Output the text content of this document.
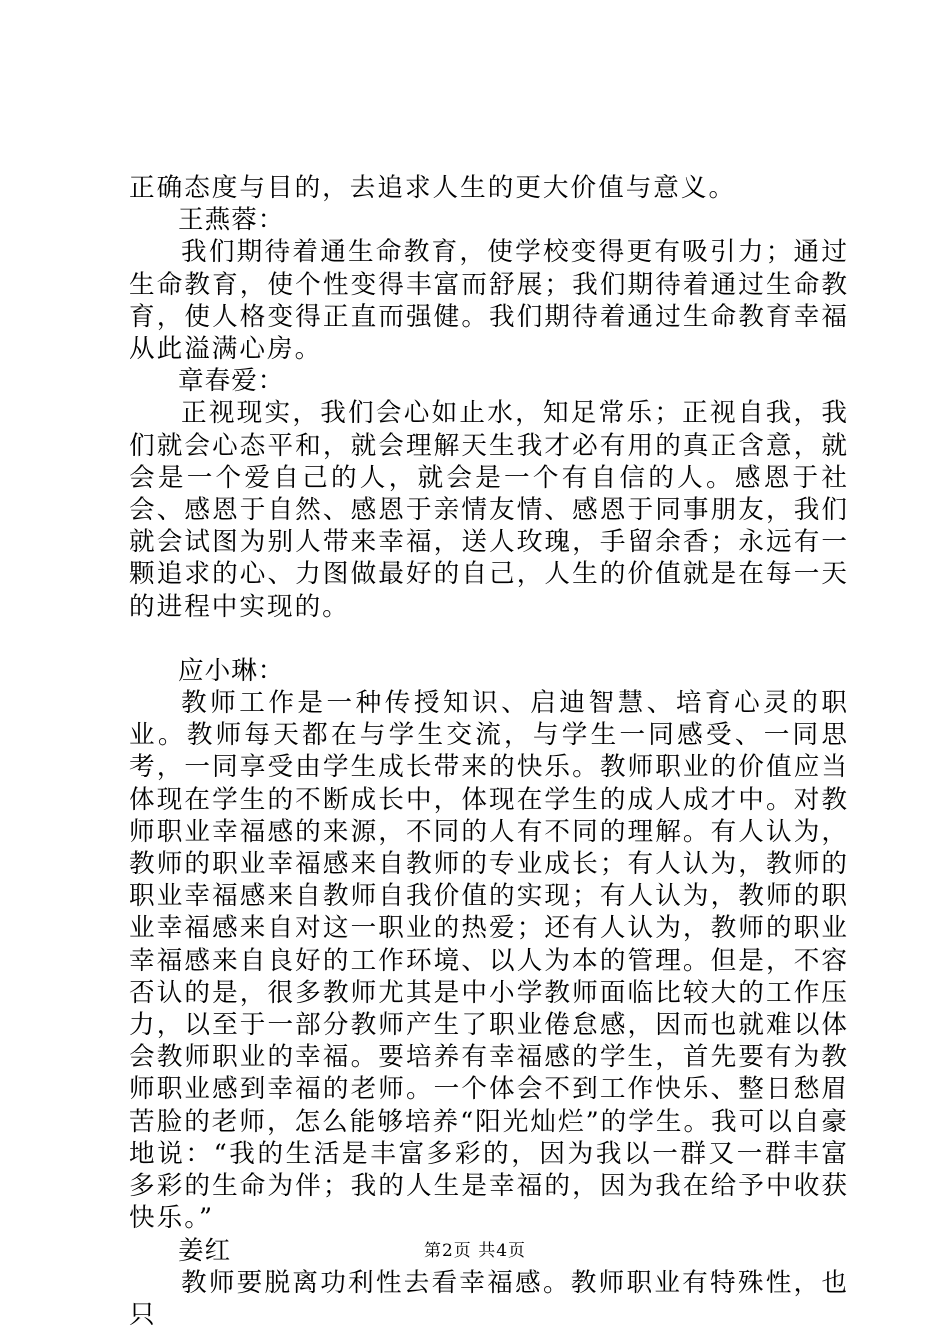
正确态度与目的，去追求人生的更大价值与意义。

王燕蓉：

我们期待着通生命教育，使学校变得更有吸引力；通过生命教育，使个性变得丰富而舒展；我们期待着通过生命教育，使人格变得正直而强健。我们期待着通过生命教育幸福从此溢满心房。

章春爱：

正视现实，我们会心如止水，知足常乐；正视自我，我们就会心态平和，就会理解天生我才必有用的真正含意，就会是一个爱自己的人，就会是一个有自信的人。感恩于社会、感恩于自然、感恩于亲情友情、感恩于同事朋友，我们就会试图为别人带来幸福，送人玫瑰，手留余香；永远有一颗追求的心、力图做最好的自己，人生的价值就是在每一天的进程中实现的。

应小琳：

教师工作是一种传授知识、启迪智慧、培育心灵的职业。教师每天都在与学生交流，与学生一同感受、一同思考，一同享受由学生成长带来的快乐。教师职业的价值应当体现在学生的不断成长中，体现在学生的成人成才中。对教师职业幸福感的来源，不同的人有不同的理解。有人认为，教师的职业幸福感来自教师的专业成长；有人认为，教师的职业幸福感来自教师自我价值的实现；有人认为，教师的职业幸福感来自对这一职业的热爱；还有人认为，教师的职业幸福感来自良好的工作环境、以人为本的管理。但是，不容否认的是，很多教师尤其是中小学教师面临比较大的工作压力，以至于一部分教师产生了职业倦怠感，因而也就难以体会教师职业的幸福。要培养有幸福感的学生，首先要有为教师职业感到幸福的老师。一个体会不到工作快乐、整日愁眉苦脸的老师，怎么能够培养“阳光灿烂”的学生。我可以自豪地说：“我的生活是丰富多彩的，因为我以一群又一群丰富多彩的生命为伴；我的人生是幸福的，因为我在给予中收获快乐。”

姜红

教师要脱离功利性去看幸福感。教师职业有特殊性，也只

第2页 共4页
